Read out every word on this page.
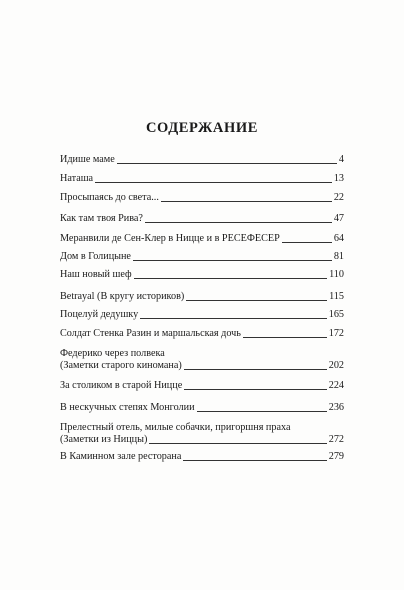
СОДЕРЖАНИЕ
Идише маме	4
Наташа	13
Просыпаясь до света...	22
Как там твоя Рива?	47
Меранвили де Сен-Клер в Ницце и в РЕСЕФЕСЕР	64
Дом в Голицыне	81
Наш новый шеф	110
Betrayal (В кругу историков)	115
Поцелуй дедушку	165
Солдат Стенка Разин и маршальская дочь	172
Федерико через полвека
(Заметки старого киномана)	202
За столиком в старой Ницце	224
В нескучных степях Монголии	236
Прелестный отель, милые собачки, пригоршня праха
(Заметки из Ниццы)	272
В Каминном зале ресторана	279
